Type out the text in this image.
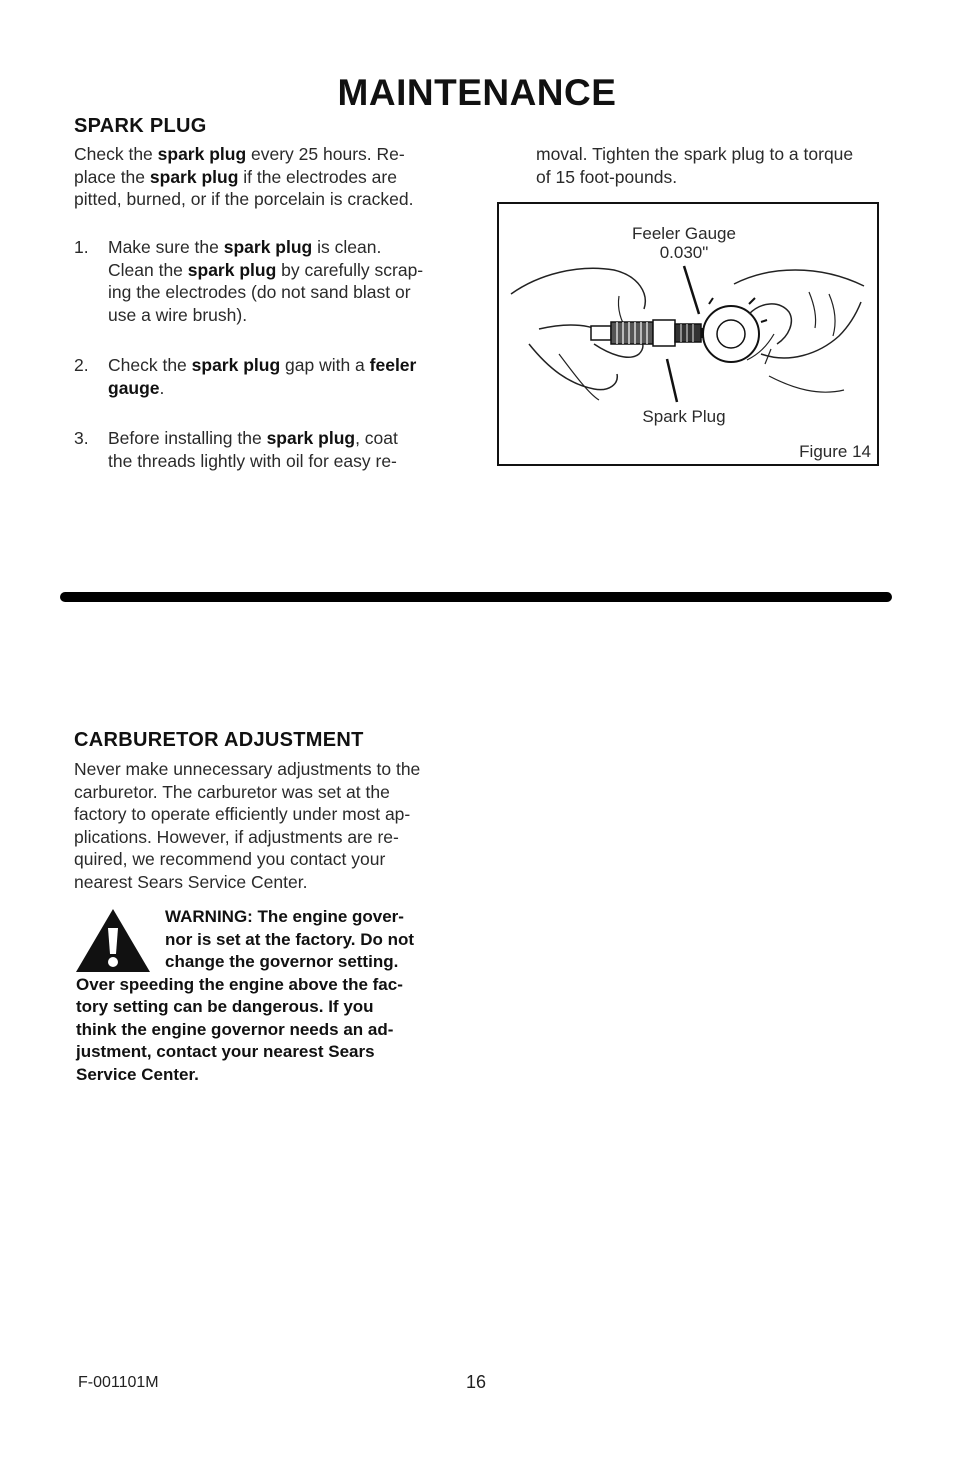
MAINTENANCE
SPARK PLUG
Check the spark plug every 25 hours. Re-
place the spark plug if the electrodes are
pitted, burned, or if the porcelain is cracked.
1. Make sure the spark plug is clean.
Clean the spark plug by carefully scrap-
ing the electrodes (do not sand blast or
use a wire brush).
2. Check the spark plug gap with a feeler
gauge.
3. Before installing the spark plug, coat
the threads lightly with oil for easy re-
moval. Tighten the spark plug to a torque
of 15 foot-pounds.
Feeler Gauge
0.030"
Spark Plug
Figure 14
CARBURETOR ADJUSTMENT
Never make unnecessary adjustments to the
carburetor. The carburetor was set at the
factory to operate efficiently under most ap-
plications. However, if adjustments are re-
quired, we recommend you contact your
nearest Sears Service Center.
WARNING: The engine gover-
nor is set at the factory. Do not
change the governor setting.
Over speeding the engine above the fac-
tory setting can be dangerous. If you
think the engine governor needs an ad-
justment, contact your nearest Sears
Service Center.
F-001101M	16
